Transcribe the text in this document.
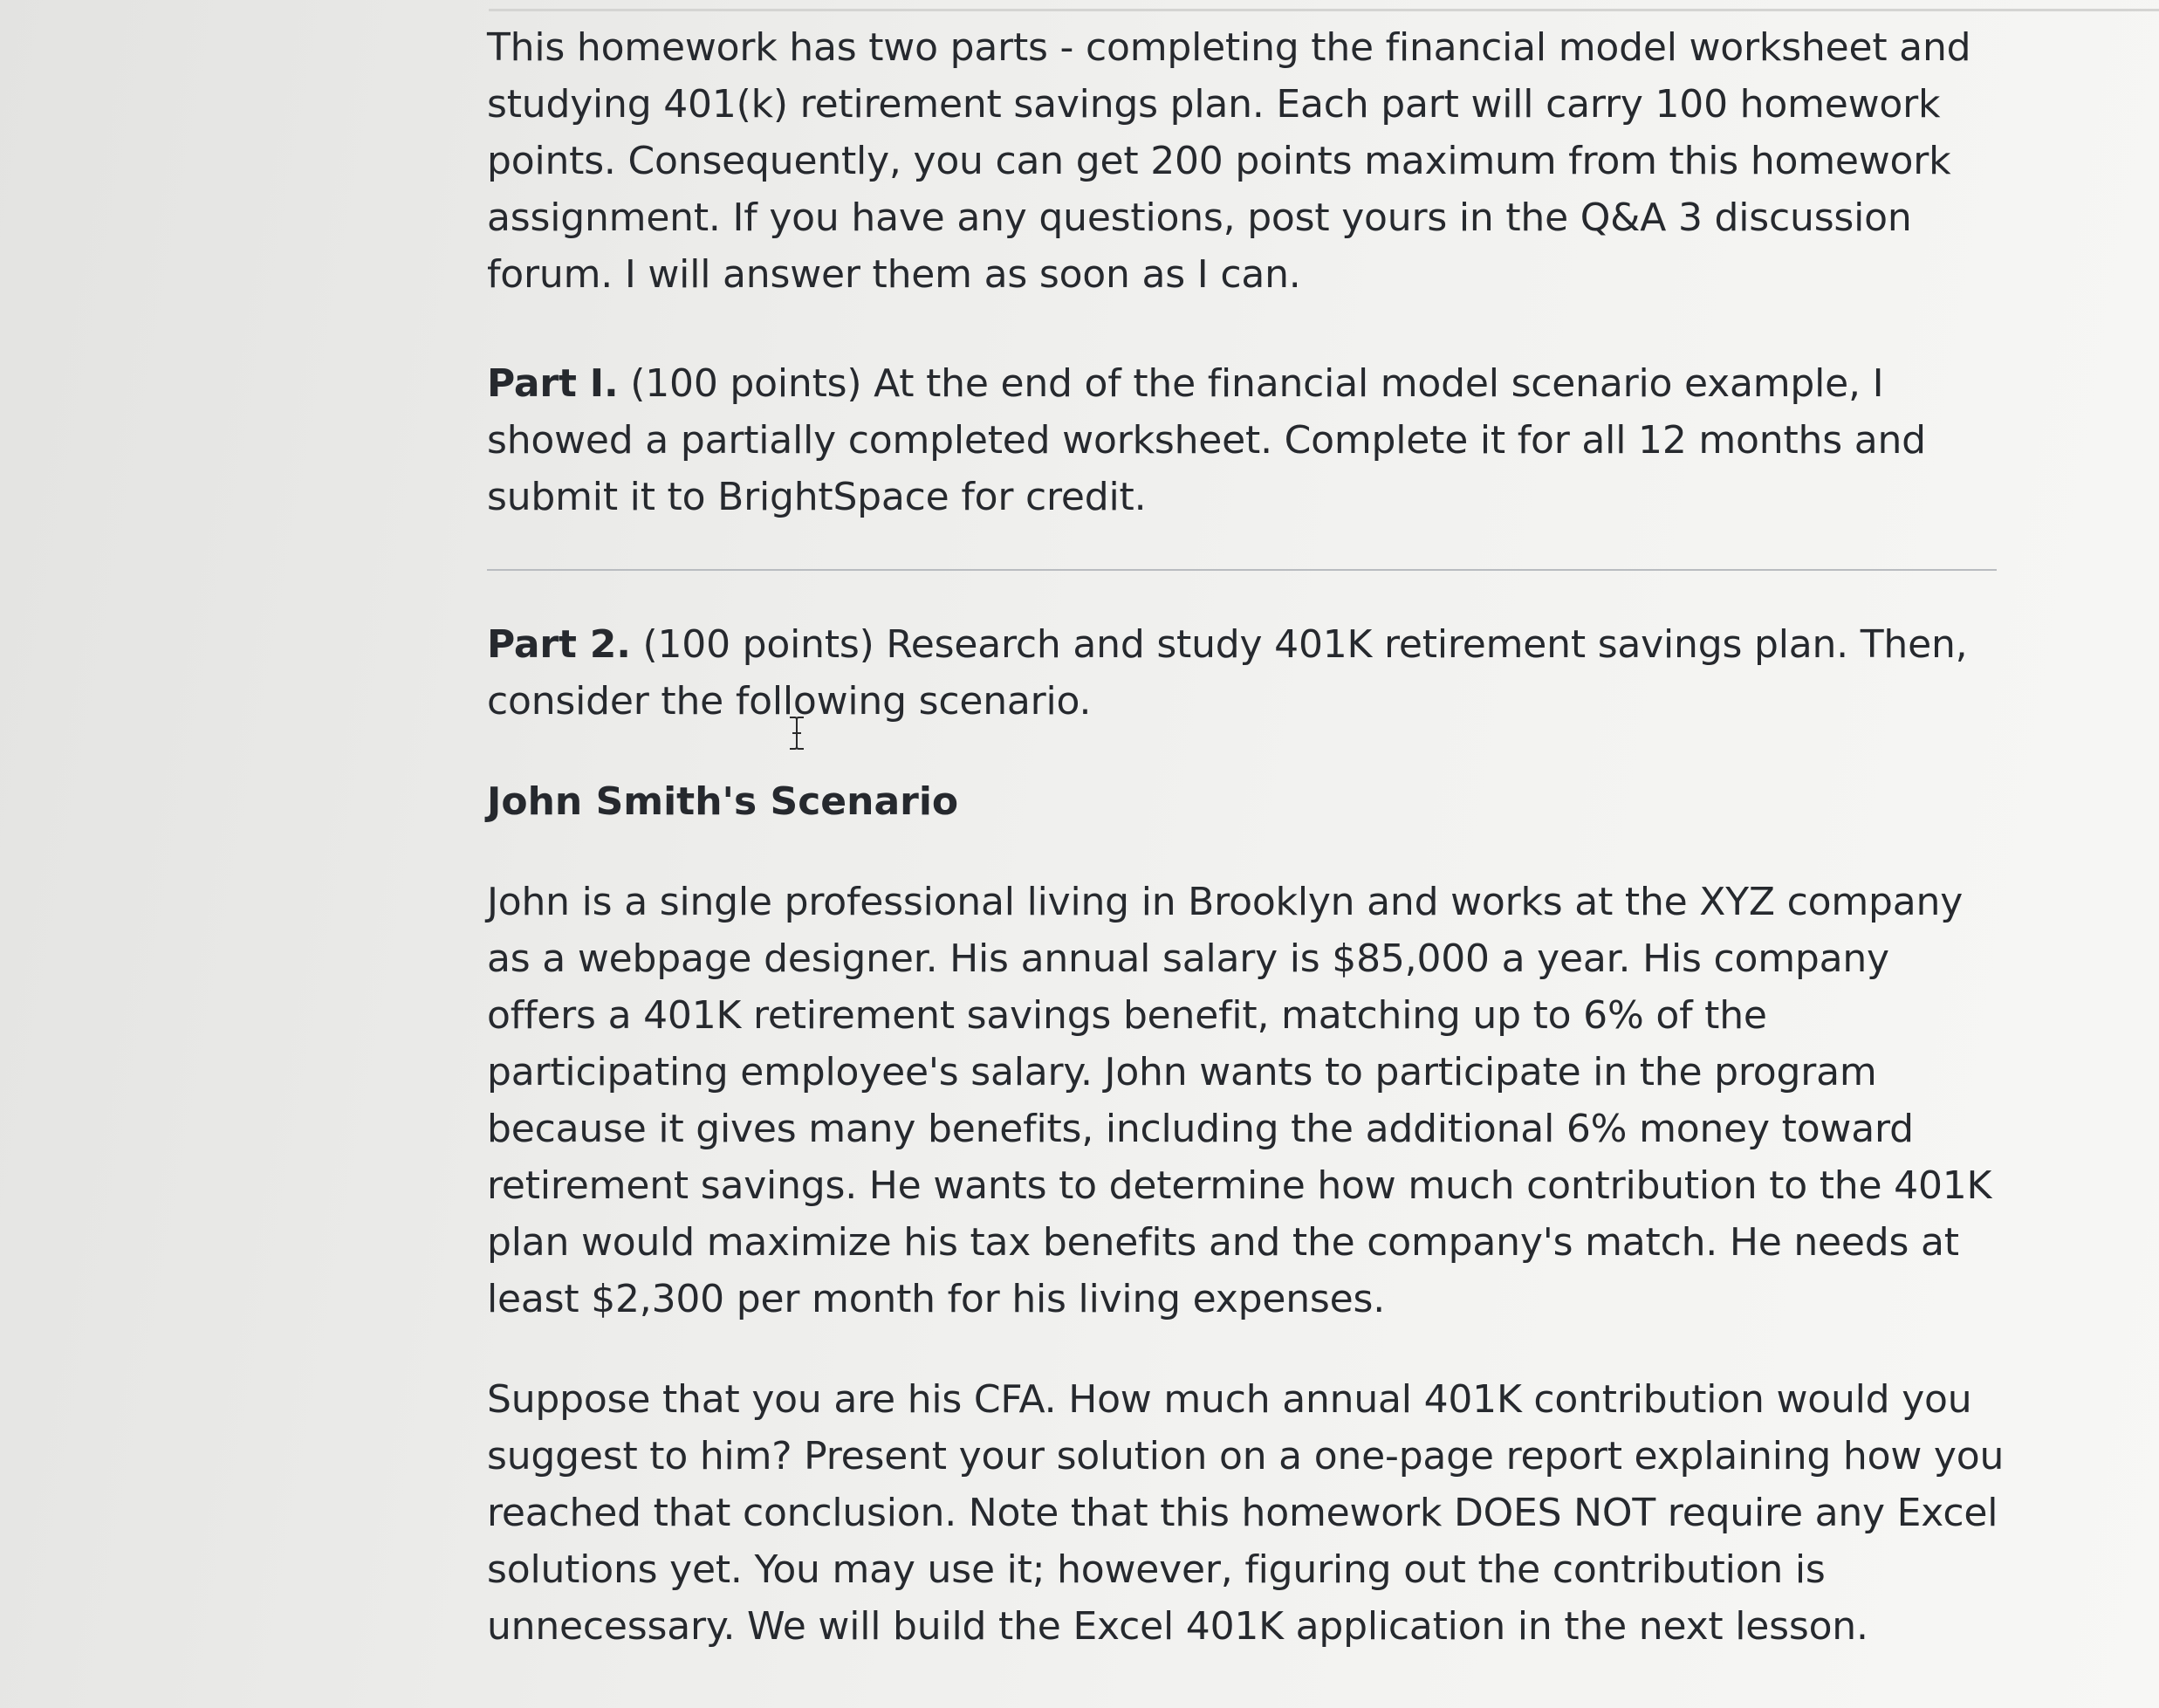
This homework has two parts - completing the financial model worksheet and studying 401(k) retirement savings plan. Each part will carry 100 homework points. Consequently, you can get 200 points maximum from this homework assignment. If you have any questions, post yours in the Q&A 3 discussion forum. I will answer them as soon as I can.

Part I. (100 points) At the end of the financial model scenario example, I showed a partially completed worksheet. Complete it for all 12 months and submit it to BrightSpace for credit.

Part 2. (100 points) Research and study 401K retirement savings plan. Then, consider the following scenario.

John Smith's Scenario

John is a single professional living in Brooklyn and works at the XYZ company as a webpage designer. His annual salary is $85,000 a year. His company offers a 401K retirement savings benefit, matching up to 6% of the participating employee's salary. John wants to participate in the program because it gives many benefits, including the additional 6% money toward retirement savings. He wants to determine how much contribution to the 401K plan would maximize his tax benefits and the company's match. He needs at least $2,300 per month for his living expenses.

Suppose that you are his CFA. How much annual 401K contribution would you suggest to him? Present your solution on a one-page report explaining how you reached that conclusion. Note that this homework DOES NOT require any Excel solutions yet. You may use it; however, figuring out the contribution is unnecessary. We will build the Excel 401K application in the next lesson.
